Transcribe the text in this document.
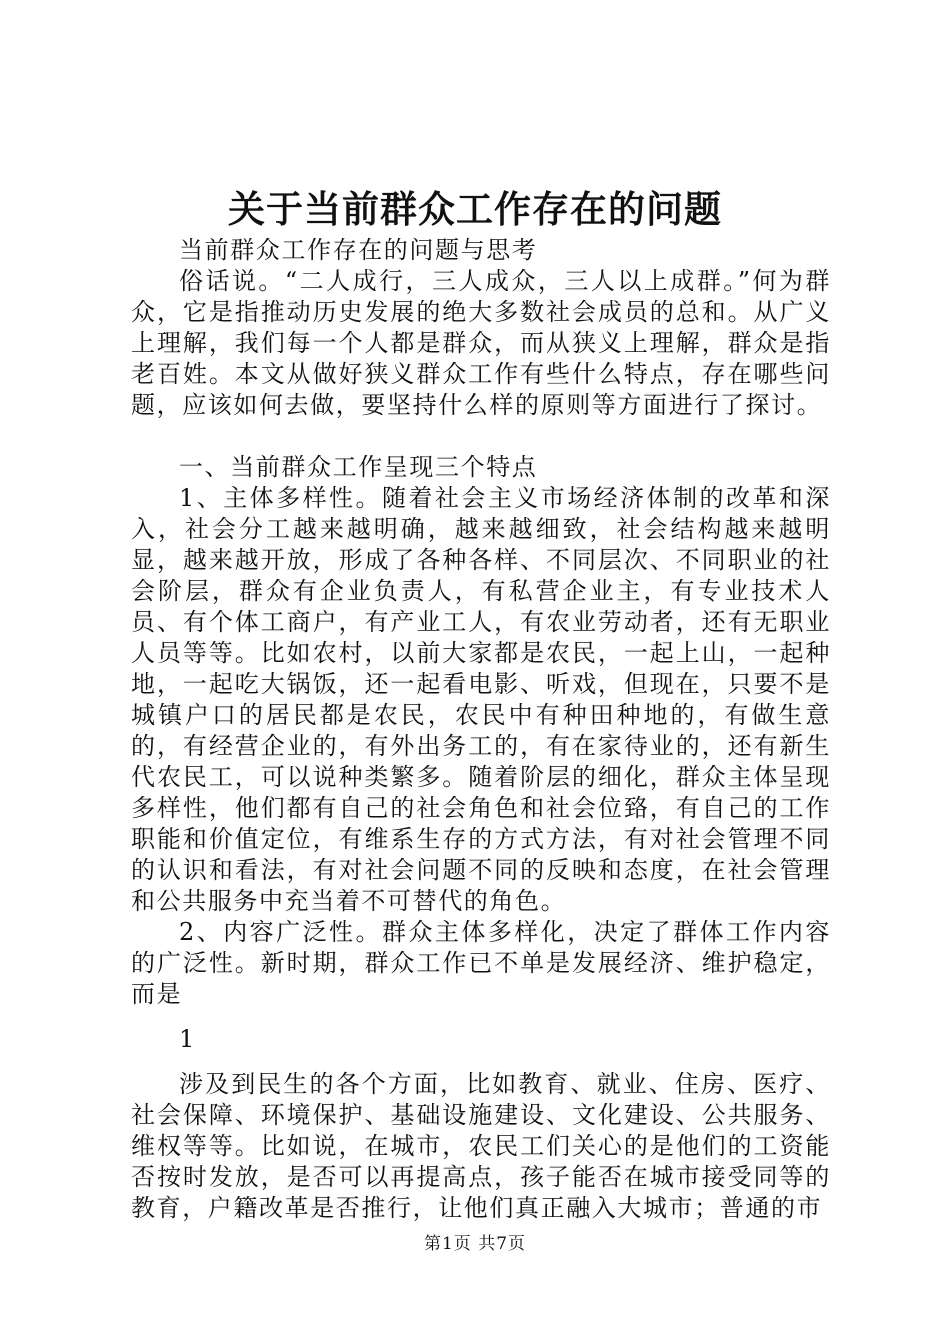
关于当前群众工作存在的问题

当前群众工作存在的问题与思考

俗话说。“二人成行，三人成众，三人以上成群。”何为群众，它是指推动历史发展的绝大多数社会成员的总和。从广义上理解，我们每一个人都是群众，而从狭义上理解，群众是指老百姓。本文从做好狭义群众工作有些什么特点，存在哪些问题，应该如何去做，要坚持什么样的原则等方面进行了探讨。

一、当前群众工作呈现三个特点

1、主体多样性。随着社会主义市场经济体制的改革和深入，社会分工越来越明确，越来越细致，社会结构越来越明显，越来越开放，形成了各种各样、不同层次、不同职业的社会阶层，群众有企业负责人，有私营企业主，有专业技术人员、有个体工商户，有产业工人，有农业劳动者，还有无职业人员等等。比如农村，以前大家都是农民，一起上山，一起种地，一起吃大锅饭，还一起看电影、听戏，但现在，只要不是城镇户口的居民都是农民，农民中有种田种地的，有做生意的，有经营企业的，有外出务工的，有在家待业的，还有新生代农民工，可以说种类繁多。随着阶层的细化，群众主体呈现多样性，他们都有自己的社会角色和社会位臵，有自己的工作职能和价值定位，有维系生存的方式方法，有对社会管理不同的认识和看法，有对社会问题不同的反映和态度，在社会管理和公共服务中充当着不可替代的角色。

2、内容广泛性。群众主体多样化，决定了群体工作内容的广泛性。新时期，群众工作已不单是发展经济、维护稳定，而是

1

涉及到民生的各个方面，比如教育、就业、住房、医疗、社会保障、环境保护、基础设施建设、文化建设、公共服务、维权等等。比如说，在城市，农民工们关心的是他们的工资能否按时发放，是否可以再提高点，孩子能否在城市接受同等的教育，户籍改革是否推行，让他们真正融入大城市；普通的市

第1页 共7页
